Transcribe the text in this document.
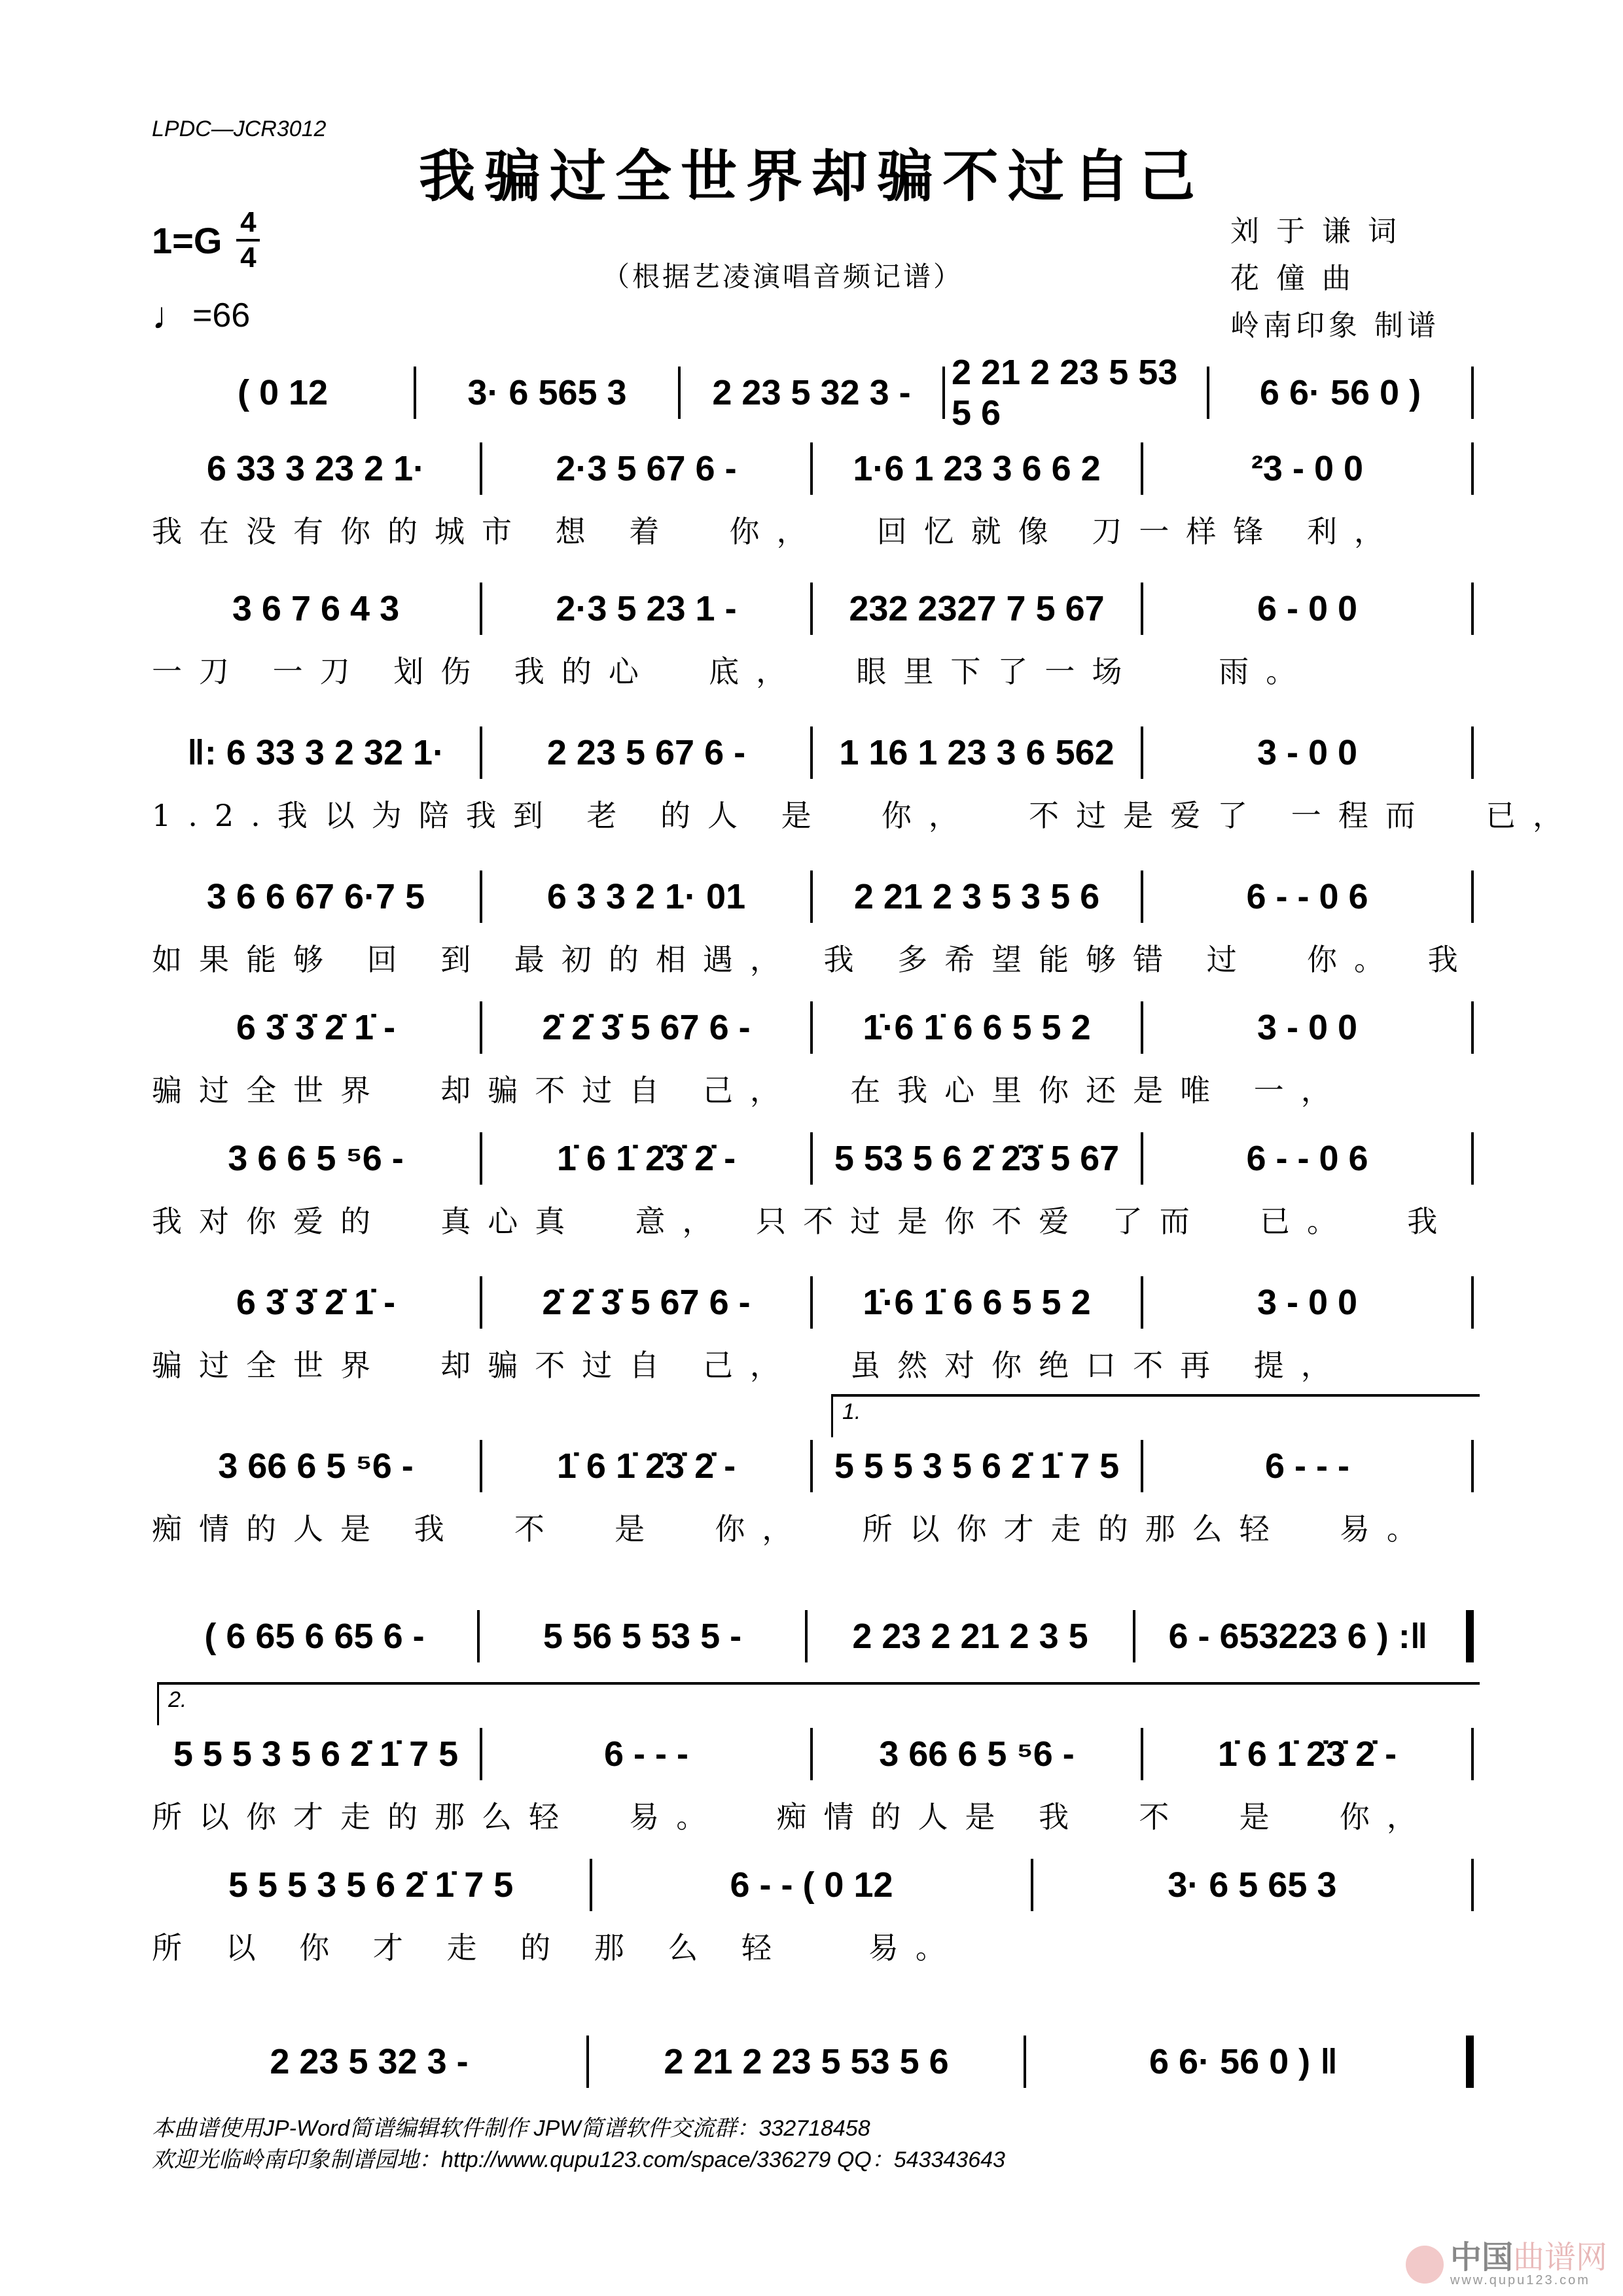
LPDC—JCR3012
我骗过全世界却骗不过自己
1=G 4
4
♩ =66
（根据艺凌演唱音频记谱）
刘 于 谦 词
花 僮 曲
岭南印象 制谱
( 0 12	3· 6 565 3	2 23 5 32 3 -
2 21 2 23 5 53 5 6
6 6· 56 0 )
6 33 3 23 2 1·	2·3 5 67 6 -	1·6 1 23 3 6 6 2	²3 - 0 0
我在没有你的城市 想 着  你，  回忆就像 刀一样锋 利，
3 6 7 6 4 3	2·3 5 23 1 -	232 2327 7 5 67	6 - 0 0
一刀 一刀 划伤 我的心  底，  眼里下了一场   雨。
‖: 6 33 3 2 32 1·	2 23 5 67 6 -	1 16 1 23 3 6 562	3 - 0 0
1.2.我以为陪我到 老 的人 是  你，  不过是爱了 一程而  已，
3 6 6 67 6·7 5	6 3 3 2 1· 01	2 21 2 3 5 3 5 6	6 - - 0 6
如果能够 回 到 最初的相遇， 我 多希望能够错 过  你。 我
6 3̇ 3̇ 2̇ 1̇ -	2̇ 2̇ 3̇ 5 67 6 -	1̇·6 1̇ 6 6 5 5 2	3 - 0 0
骗过全世界  却骗不过自 己，  在我心里你还是唯 一，
3 6 6 5 ⁵6 -	1̇ 6 1̇ 2̇3̇ 2̇ -	5 53 5 6 2̇ 2̇3̇ 5 67	6 - - 0 6
我对你爱的  真心真  意， 只不过是你不爱 了而  已。  我
6 3̇ 3̇ 2̇ 1̇ -	2̇ 2̇ 3̇ 5 67 6 -	1̇·6 1̇ 6 6 5 5 2	3 - 0 0
骗过全世界  却骗不过自 己，  虽然对你绝口不再 提，
1.
3 66 6 5 ⁵6 -	1̇ 6 1̇ 2̇3̇ 2̇ -	5 5 5 3 5 6 2̇ 1̇ 7 5	6 - - -
痴情的人是 我  不  是  你，  所以你才走的那么轻  易。
( 6 65 6 65 6 -	5 56 5 53 5 -	2 23 2 21 2 3 5	6 - 653223 6 ) :‖
2.
5 5 5 3 5 6 2̇ 1̇ 7 5	6 - - -	3 66 6 5 ⁵6 -	1̇ 6 1̇ 2̇3̇ 2̇ -
所以你才走的那么轻  易。  痴情的人是 我  不  是  你，
5 5 5 3 5 6 2̇ 1̇ 7 5	6 - - ( 0 12	3· 6 5 65 3
所 以 你 才 走 的 那 么 轻   易。
2 23 5 32 3 -	2 21 2 23 5 53 5 6	6 6· 56 0 ) ‖
本曲谱使用JP-Word简谱编辑软件制作 JPW简谱软件交流群：332718458
欢迎光临岭南印象制谱园地：http://www.qupu123.com/space/336279 QQ：543343643
中国曲谱网
www.qupu123.com
